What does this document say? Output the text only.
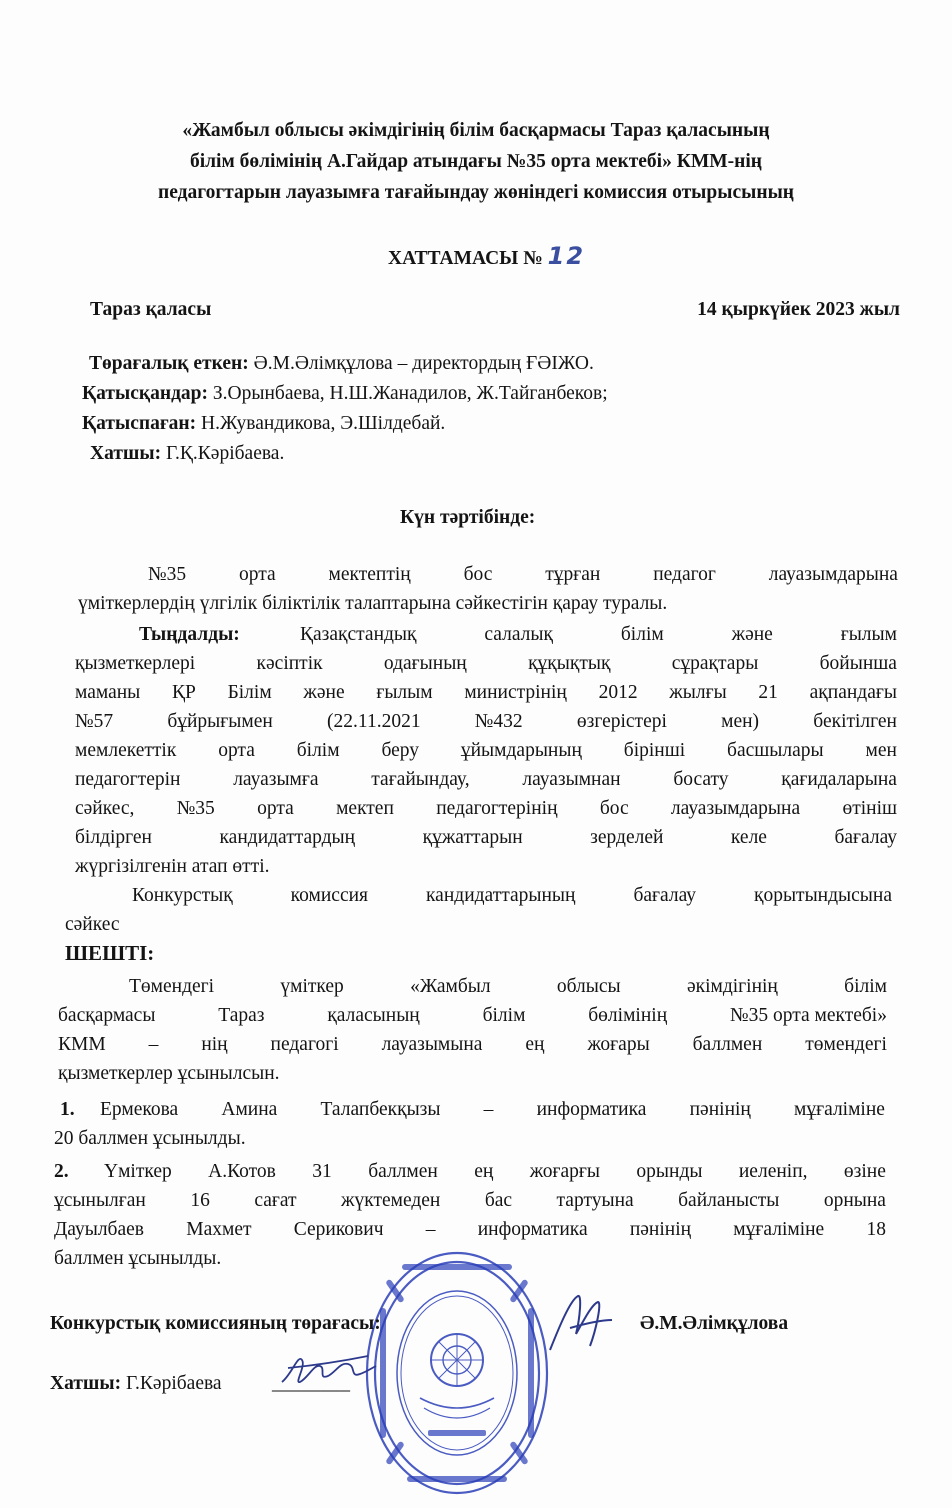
«Жамбыл облысы әкімдігінің білім басқармасы Тараз қаласының
білім бөлімінің А.Гайдар атындағы №35 орта мектебі» КММ-нің
педагогтарын лауазымға тағайындау жөніндегі комиссия отырысының
ХАТТАМАСЫ № 12
Тараз қаласы	14 қыркүйек 2023 жыл
Төрағалық еткен: Ә.М.Әлімқұлова – директордың ҒӘІЖО.
Қатысқандар: З.Орынбаева, Н.Ш.Жанадилов, Ж.Тайганбеков;
Қатыспаған: Н.Жувандикова, Э.Шілдебай.
Хатшы: Г.Қ.Кәрібаева.
Күн тәртібінде:
№35	орта	мектептің	бос	тұрған	педагог	лауазымдарына
үміткерлердің үлгілік біліктілік талаптарына сәйкестігін қарау туралы.
Тыңдалды:	Қазақстандық	салалық	білім	және	ғылым
қызметкерлері	кәсіптік	одағының	құқықтық	сұрақтары	бойынша
маманы ҚР Білім және ғылым министрінің 2012 жылғы 21 ақпандағы
№57	бұйрығымен	(22.11.2021	№432	өзгерістері	мен)	бекітілген
мемлекеттік орта білім беру ұйымдарының бірінші басшылары мен
педагогтерін	лауазымға	тағайындау,	лауазымнан	босату	қағидаларына
сәйкес, №35 орта мектеп педагогтерінің бос лауазымдарына өтініш
білдірген	кандидаттардың	құжаттарын	зерделей	келе	бағалау
жүргізілгенін атап өтті.
Конкурстық	комиссия	кандидаттарының	бағалау	қорытындысына
сәйкес
ШЕШТІ:
Төмендегі	үміткер	«Жамбыл	облысы	әкімдігінің	білім
басқармасы	Тараз	қаласының	білім	бөлімінің	№35 орта мектебі»
КММ – нің педагогі лауазымына ең жоғары баллмен төмендегі
қызметкерлер ұсынылсын.
1. Ермекова Амина Талапбекқызы – информатика пәнінің мұғаліміне
20 баллмен ұсынылды.
2. Үміткер А.Котов 31 баллмен ең жоғарғы орынды иеленіп, өзіне
ұсынылған 16 сағат жүктемеден бас тартуына байланысты орнына
Дауылбаев Махмет Серикович – информатика пәнінің мұғаліміне 18
баллмен ұсынылды.
Конкурстық комиссияның төрағасы:	Ә.М.Әлімқұлова
Хатшы: Г.Кәрібаева	________
